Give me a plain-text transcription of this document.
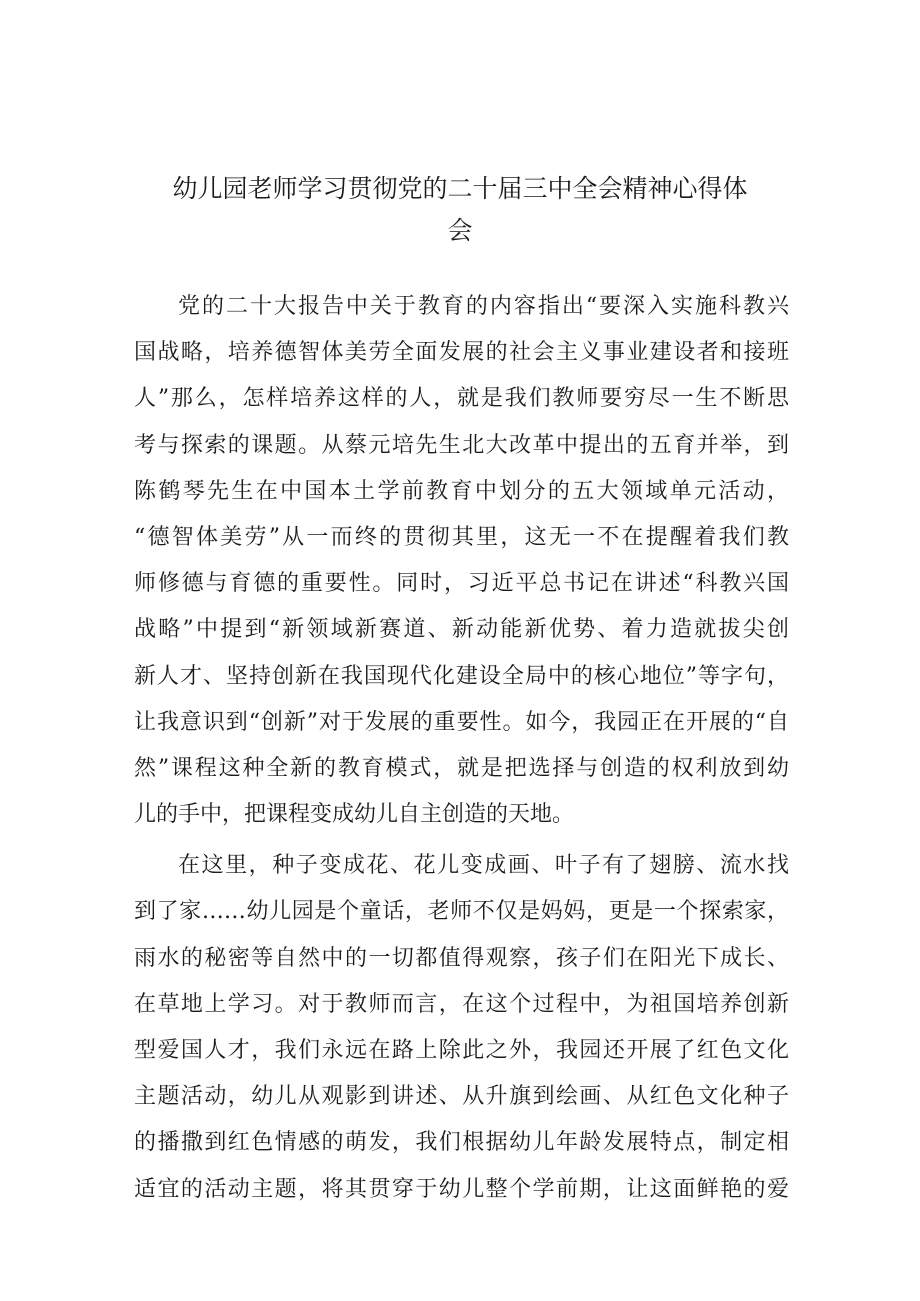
幼儿园老师学习贯彻党的二十届三中全会精神心得体
会
党的二十大报告中关于教育的内容指出“要深入实施科教兴
国战略，培养德智体美劳全面发展的社会主义事业建设者和接班
人”那么，怎样培养这样的人，就是我们教师要穷尽一生不断思
考与探索的课题。从蔡元培先生北大改革中提出的五育并举，到
陈鹤琴先生在中国本土学前教育中划分的五大领域单元活动，
“德智体美劳”从一而终的贯彻其里，这无一不在提醒着我们教
师修德与育德的重要性。同时，习近平总书记在讲述“科教兴国
战略”中提到“新领域新赛道、新动能新优势、着力造就拔尖创
新人才、坚持创新在我国现代化建设全局中的核心地位”等字句，
让我意识到“创新”对于发展的重要性。如今，我园正在开展的“自
然”课程这种全新的教育模式，就是把选择与创造的权利放到幼
儿的手中，把课程变成幼儿自主创造的天地。
在这里，种子变成花、花儿变成画、叶子有了翅膀、流水找
到了家……幼儿园是个童话，老师不仅是妈妈，更是一个探索家，
雨水的秘密等自然中的一切都值得观察，孩子们在阳光下成长、
在草地上学习。对于教师而言，在这个过程中，为祖国培养创新
型爱国人才，我们永远在路上除此之外，我园还开展了红色文化
主题活动，幼儿从观影到讲述、从升旗到绘画、从红色文化种子
的播撒到红色情感的萌发，我们根据幼儿年龄发展特点，制定相
适宜的活动主题，将其贯穿于幼儿整个学前期，让这面鲜艳的爱
